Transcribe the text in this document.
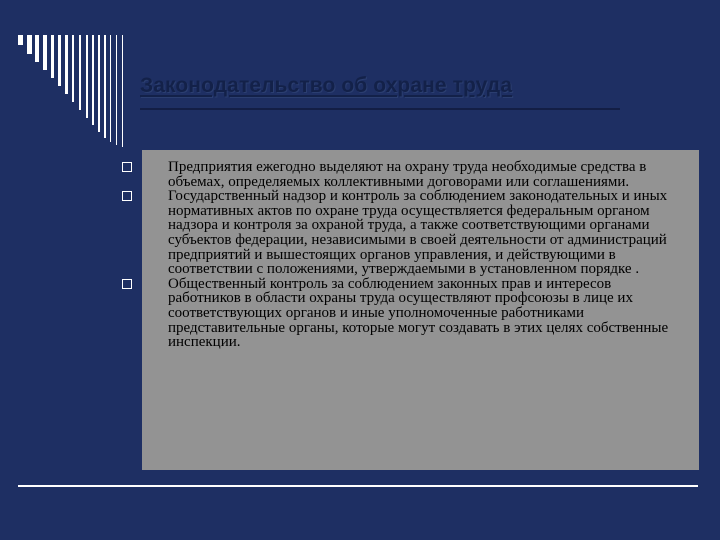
Законодательство об охране труда
Предприятия ежегодно выделяют на охрану труда необходимые средства в объемах, определяемых коллективными договорами или соглашениями.
Государственный надзор и контроль за соблюдением законодательных и иных нормативных актов по охране труда осуществляется федеральным органом надзора и контроля за охраной труда, а также соответствующими органами субъектов федерации, независимыми в своей деятельности от администраций предприятий и вышестоящих органов управления, и действующими в соответствии с положениями, утверждаемыми в установленном порядке .
Общественный контроль за соблюдением законных прав и интересов работников в области охраны труда осуществляют профсоюзы в лице их соответствующих органов и иные уполномоченные работниками представительные органы, которые могут создавать в этих целях собственные инспекции.
